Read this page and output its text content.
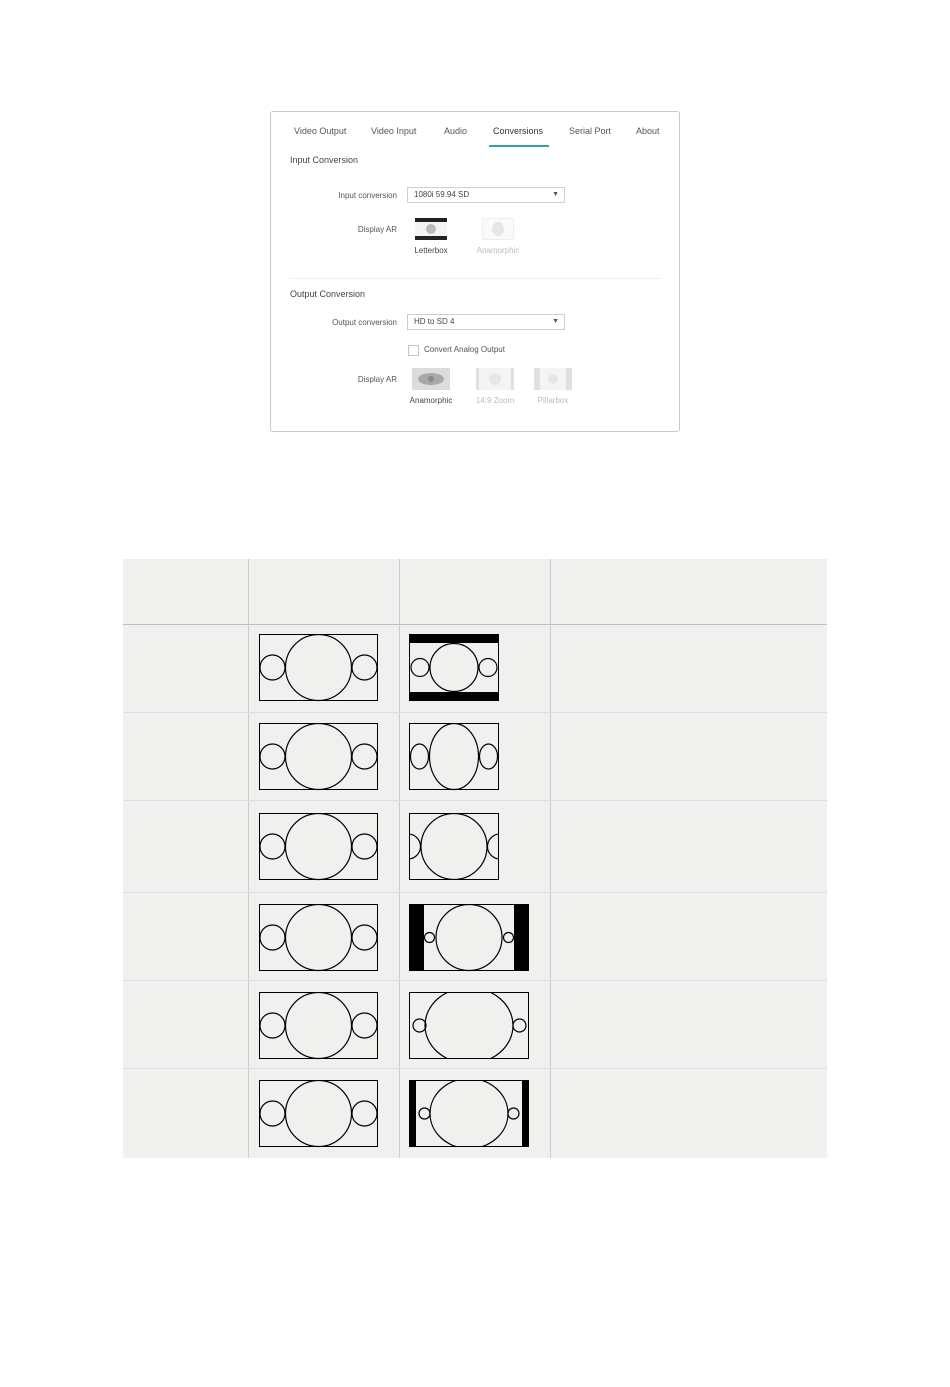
Video Output	Video Input	Audio	Conversions	Serial Port	About
Input Conversion
Input conversion	1080i 59.94 SD	▼
Display AR
Letterbox	Anamorphic
Output Conversion
Output conversion	HD to SD 4	▼
Convert Analog Output
Display AR
Anamorphic	14:9 Zoom	Pillarbox
